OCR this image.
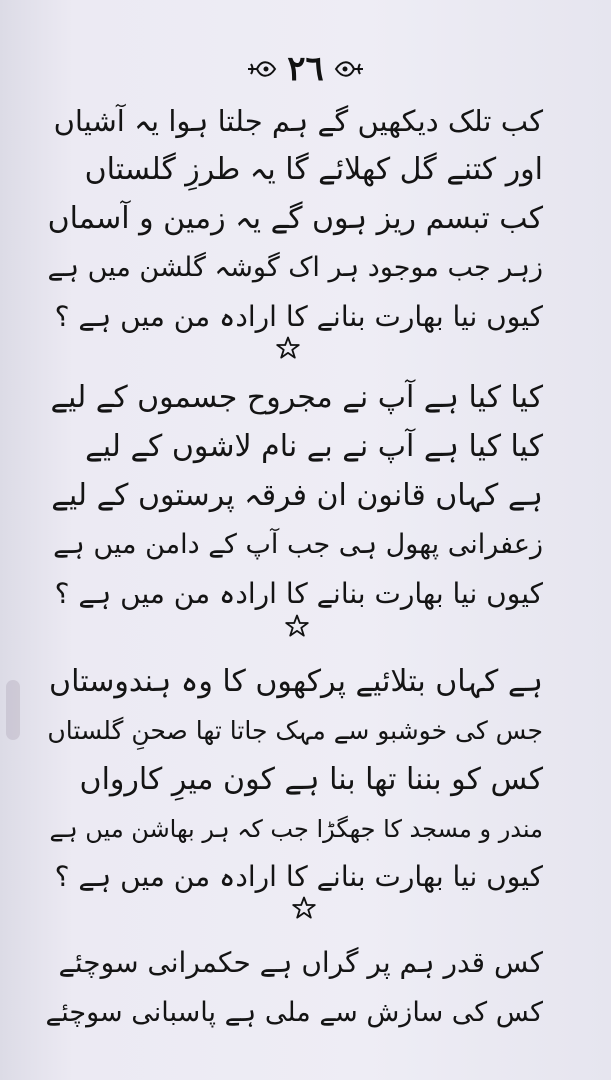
۲٦
کب تلک دیکھیں گے ہم جلتا ہوا یہ آشیاں
اور کتنے گل کھلائے گا یہ طرزِ گلستاں
کب تبسم ریز ہوں گے یہ زمین و آسماں
زہر جب موجود ہر اک گوشہ گلشن میں ہے
کیوں نیا بھارت بنانے کا ارادہ من میں ہے ؟
کیا کیا ہے آپ نے مجروح جسموں کے لیے
کیا کیا ہے آپ نے بے نام لاشوں کے لیے
ہے کہاں قانون ان فرقہ پرستوں کے لیے
زعفرانی پھول ہی جب آپ کے دامن میں ہے
کیوں نیا بھارت بنانے کا ارادہ من میں ہے ؟
ہے کہاں بتلائیے پرکھوں کا وہ ہندوستاں
جس کی خوشبو سے مہک جاتا تھا صحنِ گلستاں
کس کو بننا تھا بنا ہے کون میرِ کارواں
مندر و مسجد کا جھگڑا جب کہ ہر بھاشن میں ہے
کیوں نیا بھارت بنانے کا ارادہ من میں ہے ؟
کس قدر ہم پر گراں ہے حکمرانی سوچئے
کس کی سازش سے ملی ہے پاسبانی سوچئے
